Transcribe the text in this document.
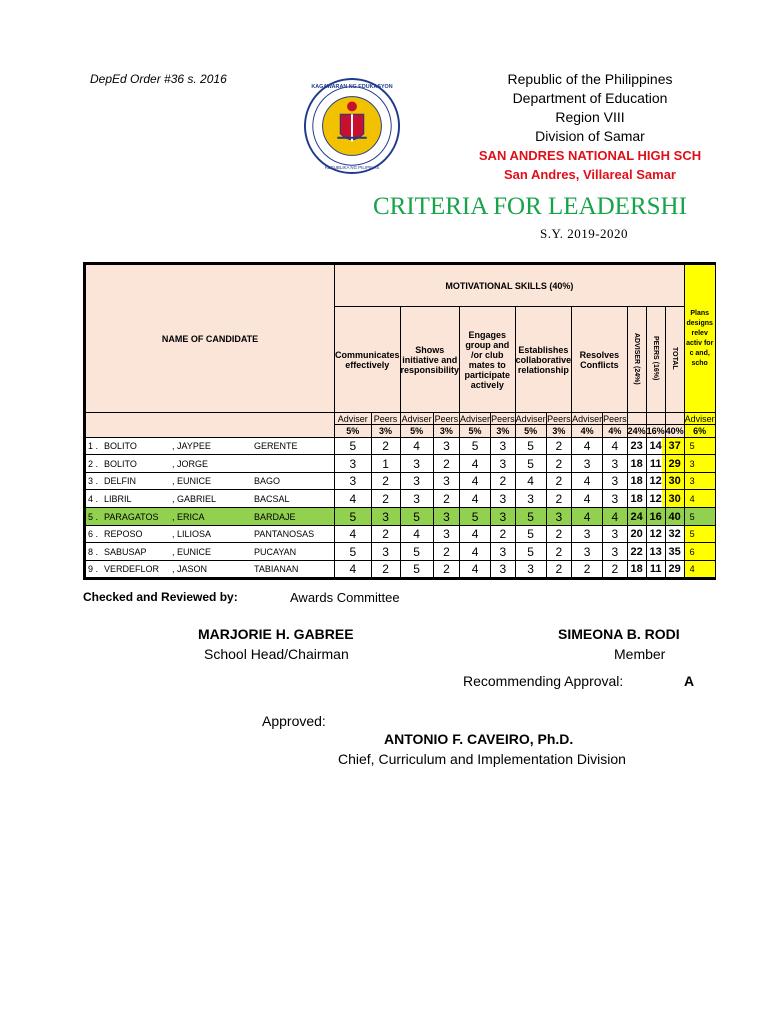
DepEd Order #36 s. 2016
KAGAWARAN NG EDUKASYON
REPUBLIKA NG PILIPINAS
Republic of the Philippines
Department of Education
Region VIII
Division of Samar
SAN ANDRES NATIONAL HIGH SCH
San Andres, Villareal Samar
CRITERIA FOR LEADERSHI
S.Y. 2019-2020
NAME OF CANDIDATE	MOTIVATIONAL SKILLS (40%)													Plans designs relev activ for c and, scho
	Communicates effectively		Shows initiative and responsibility		Engages group and /or club mates to participate actively		Establishes collaborative relationship		Resolves Conflicts		ADVISER (24%)	PEERS (16%)	TOTAL	
	Adviser	Peers	Adviser	Peers	Adviser	Peers	Adviser	Peers	Adviser	Peers				Adviser
	5%	3%	5%	3%	5%	3%	5%	3%	4%	4%	24%	16%	40%	6%
1 . BOLITO , JAYPEE GERENTE	5	2	4	3	5	3	5	2	4	4	23	14	37	5
2 . BOLITO , JORGE	3	1	3	2	4	3	5	2	3	3	18	11	29	3
3 . DELFIN , EUNICE BAGO	3	2	3	3	4	2	4	2	4	3	18	12	30	3
4 . LIBRIL , GABRIEL BACSAL	4	2	3	2	4	3	3	2	4	3	18	12	30	4
5 . PARAGATOS , ERICA BARDAJE	5	3	5	3	5	3	5	3	4	4	24	16	40	5
6 . REPOSO , LILIOSA PANTANOSAS	4	2	4	3	4	2	5	2	3	3	20	12	32	5
8 . SABUSAP , EUNICE PUCAYAN	5	3	5	2	4	3	5	2	3	3	22	13	35	6
9 . VERDEFLOR , JASON TABIANAN	4	2	5	2	4	3	3	2	2	2	18	11	29	4
Checked and Reviewed by:	Awards Committee
MARJORIE H. GABREE
School Head/Chairman
SIMEONA B. RODI
Member
Recommending Approval:	A
Approved:
ANTONIO F. CAVEIRO, Ph.D.
Chief, Curriculum and Implementation Division
